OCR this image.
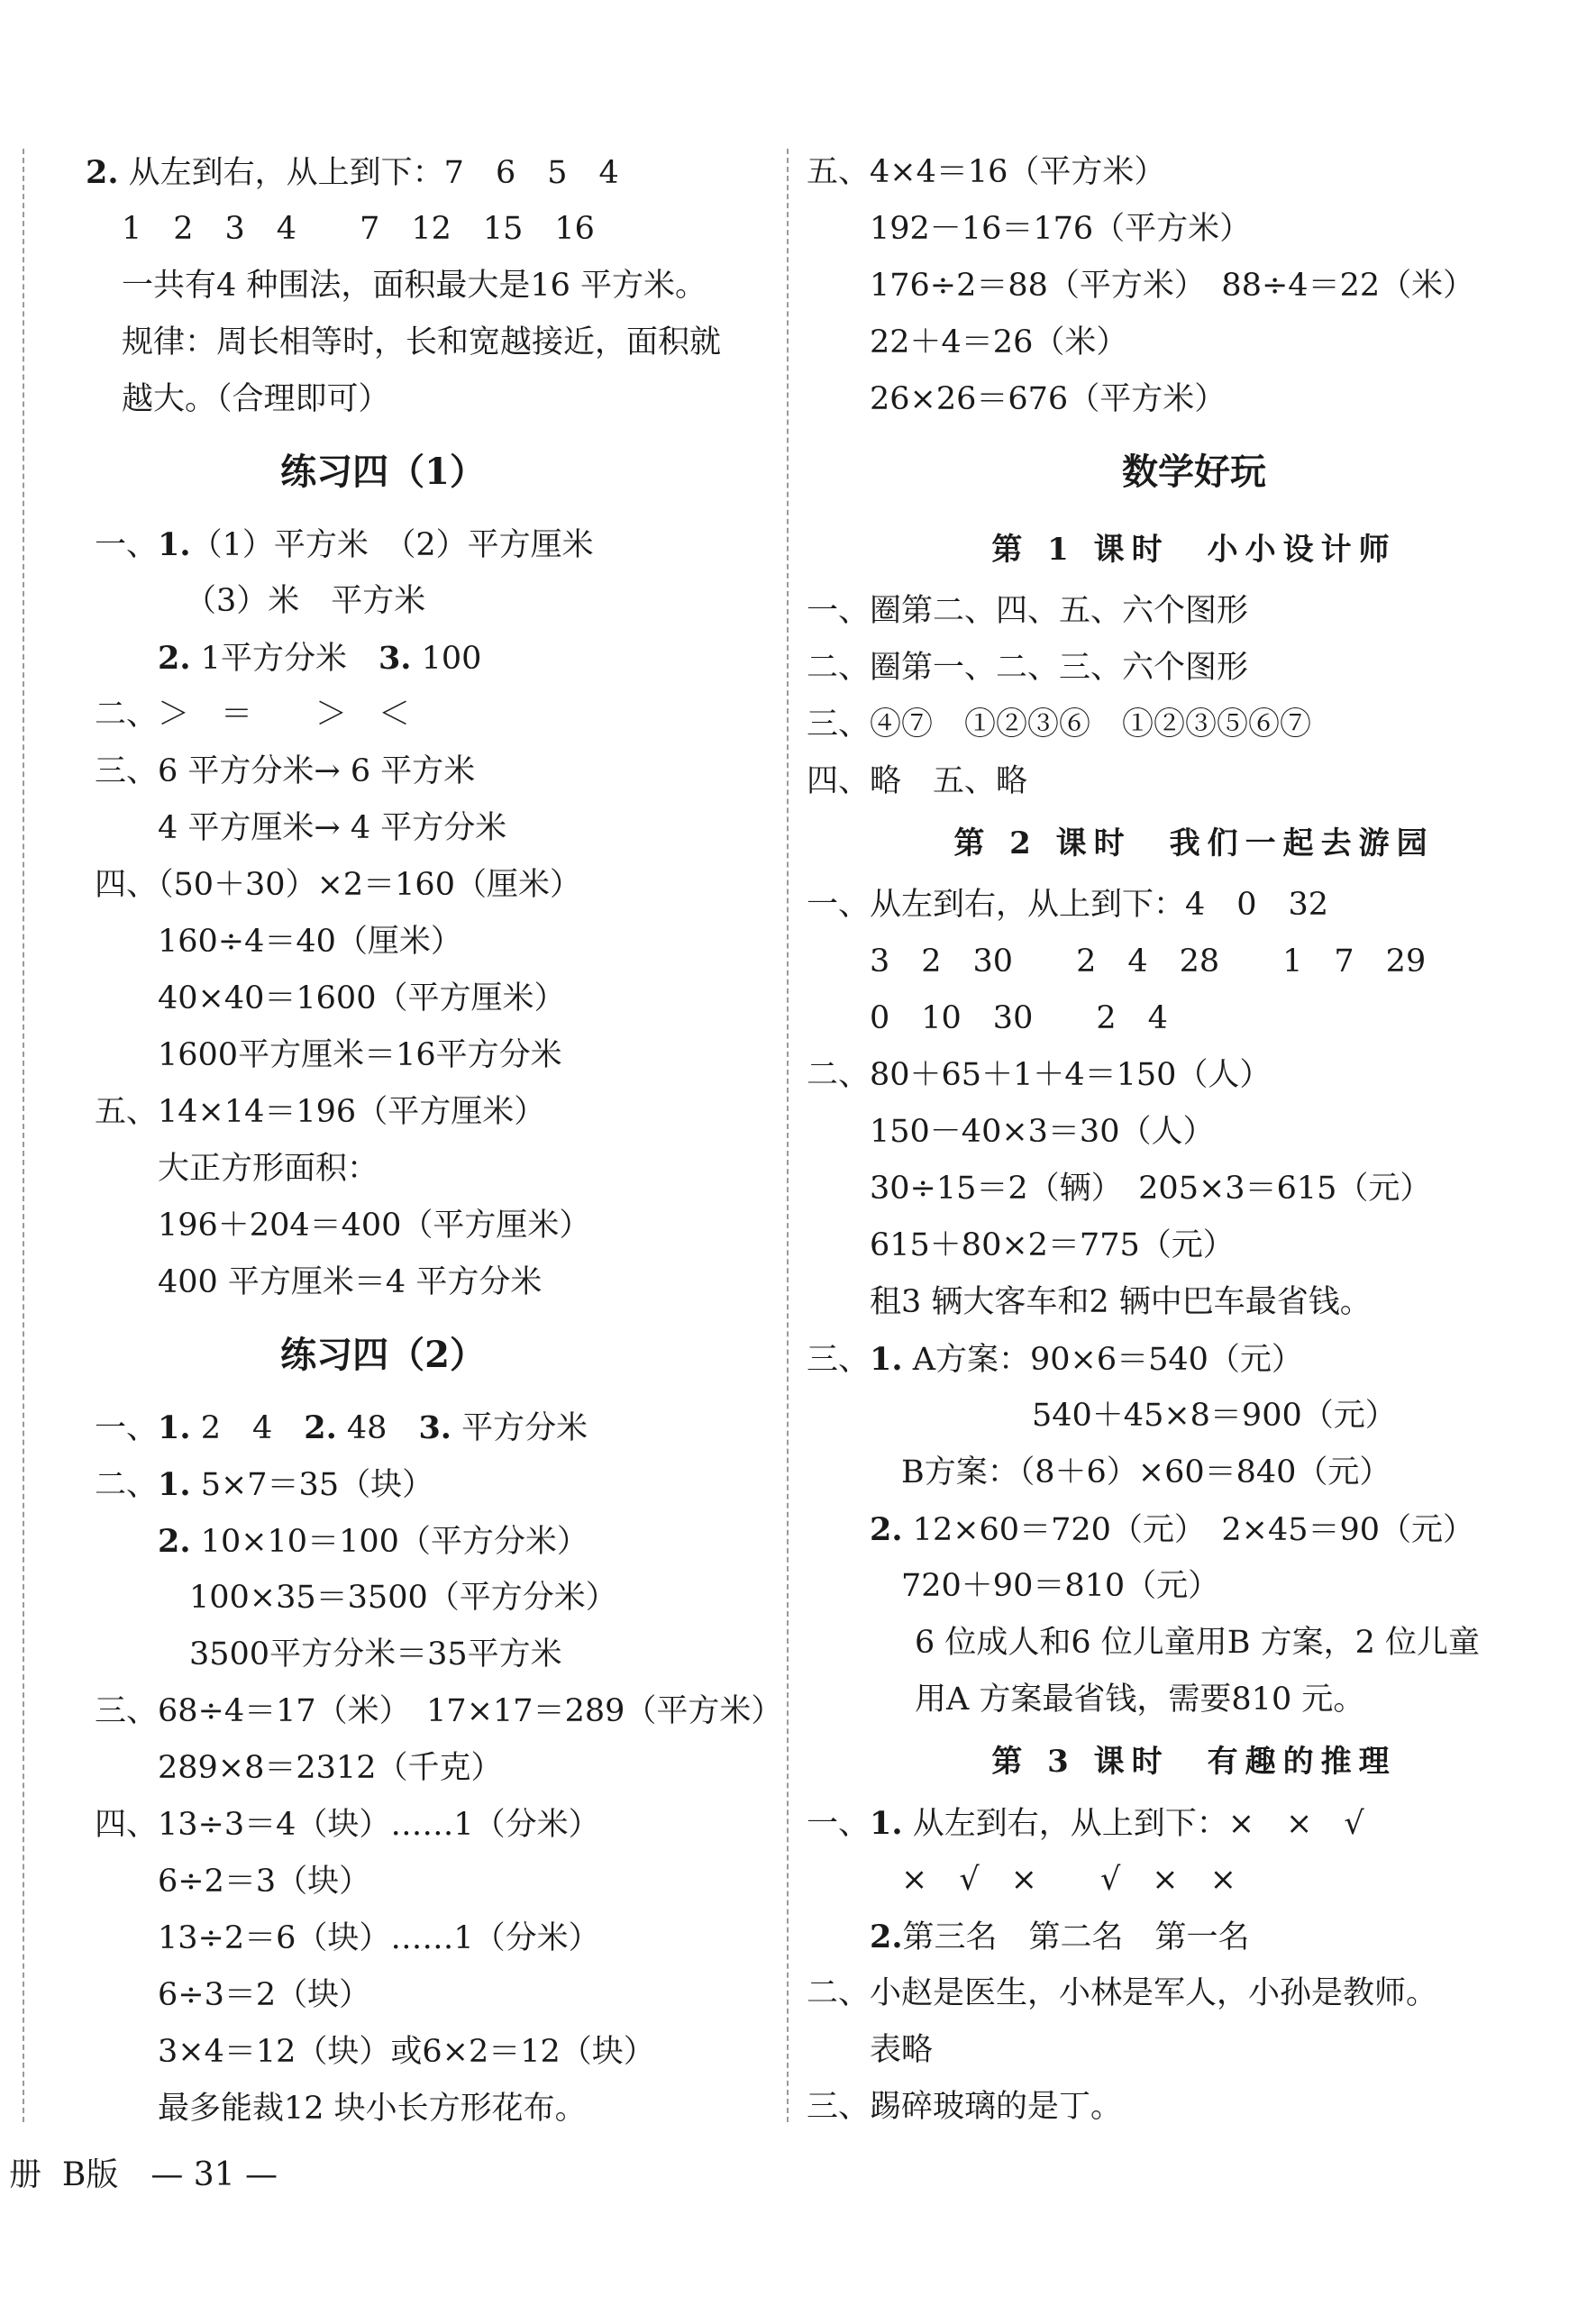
2. 从左到右，从上到下：7　6　5　4
1　2　3　4　　7　12　15　16
一共有4 种围法，面积最大是16 平方米。
规律：周长相等时，长和宽越接近，面积就
越大。（合理即可）
练习四（1）
一、1.（1）平方米　（2）平方厘米
（3）米　平方米
2. 1平方分米　3. 100
二、＞　＝　　＞　＜
三、6 平方分米→ 6 平方米
4 平方厘米→ 4 平方分米
四、（50＋30）×2＝160（厘米）
160÷4＝40（厘米）
40×40＝1600（平方厘米）
1600平方厘米＝16平方分米
五、14×14＝196（平方厘米）
大正方形面积：
196＋204＝400（平方厘米）
400 平方厘米＝4 平方分米
练习四（2）
一、1. 2　4　2. 48　3. 平方分米
二、1. 5×7＝35（块）
2. 10×10＝100（平方分米）
100×35＝3500（平方分米）
3500平方分米＝35平方米
三、68÷4＝17（米）　17×17＝289（平方米）
289×8＝2312（千克）
四、13÷3＝4（块）……1（分米）
6÷2＝3（块）
13÷2＝6（块）……1（分米）
6÷3＝2（块）
3×4＝12（块）或6×2＝12（块）
最多能裁12 块小长方形花布。
五、4×4＝16（平方米）
192－16＝176（平方米）
176÷2＝88（平方米）　88÷4＝22（米）
22＋4＝26（米）
26×26＝676（平方米）
数学好玩
第 1 课时　小小设计师
一、圈第二、四、五、六个图形
二、圈第一、二、三、六个图形
三、④⑦　①②③⑥　①②③⑤⑥⑦
四、略　五、略
第 2 课时　我们一起去游园
一、从左到右，从上到下：4　0　32
3　2　30　　2　4　28　　1　7　29
0　10　30　　2　4
二、80＋65＋1＋4＝150（人）
150－40×3＝30（人）
30÷15＝2（辆）　205×3＝615（元）
615＋80×2＝775（元）
租3 辆大客车和2 辆中巴车最省钱。
三、1. A方案：90×6＝540（元）
540＋45×8＝900（元）
B方案：（8＋6）×60＝840（元）
2. 12×60＝720（元）　2×45＝90（元）
720＋90＝810（元）
6 位成人和6 位儿童用B 方案，2 位儿童
用A 方案最省钱，需要810 元。
第 3 课时　有趣的推理
一、1. 从左到右，从上到下：×　×　√
×　√　×　　√　×　×
2.第三名　第二名　第一名
二、小赵是医生，小林是军人，小孙是教师。
表略
三、踢碎玻璃的是丁。
册  B版　— 31 —
